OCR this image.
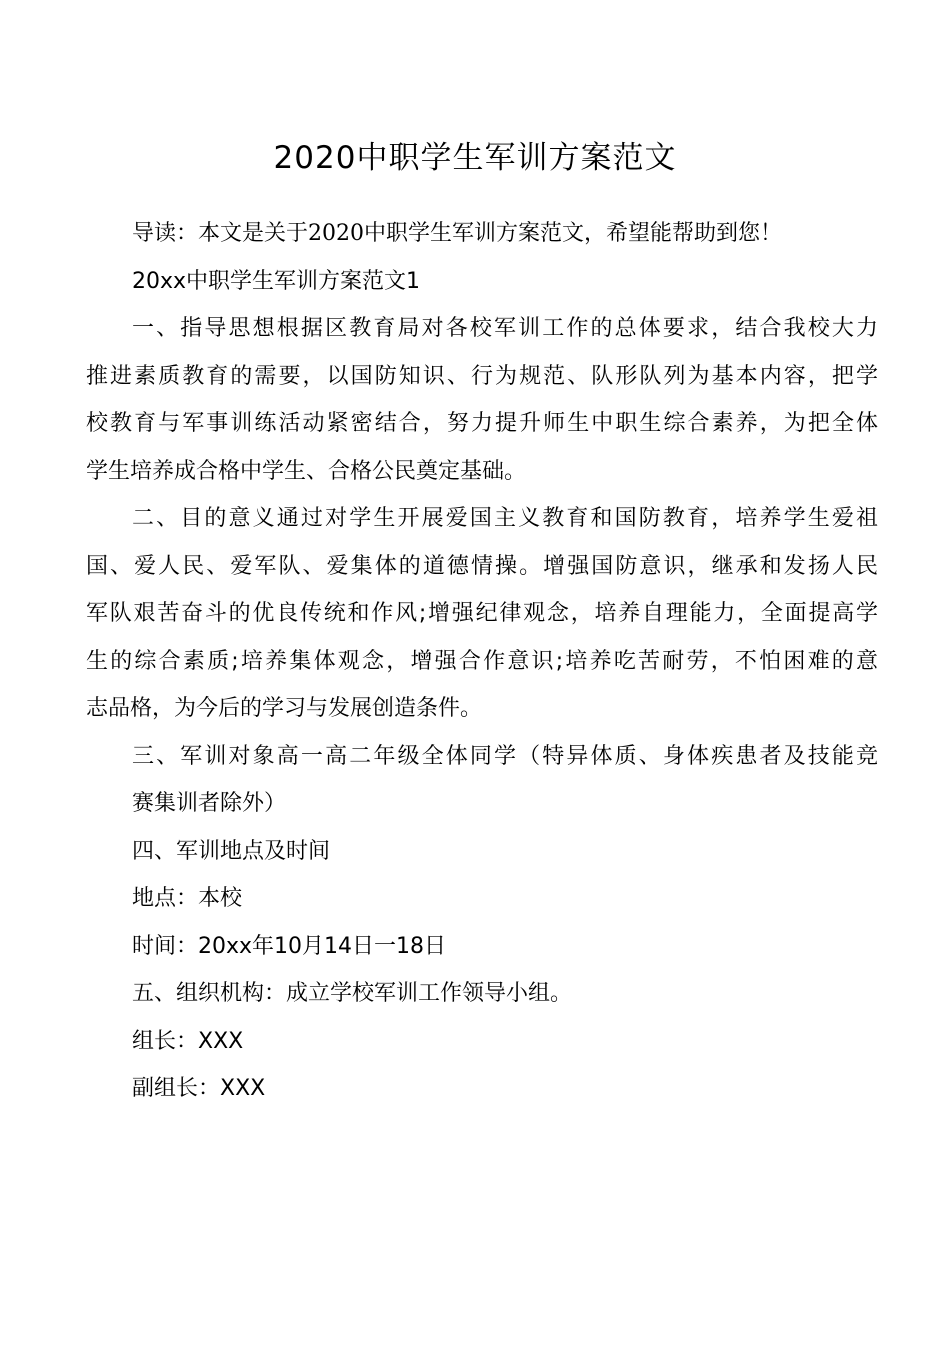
2020中职学生军训方案范文
导读：本文是关于2020中职学生军训方案范文，希望能帮助到您！
20xx中职学生军训方案范文1
一、指导思想根据区教育局对各校军训工作的总体要求，结合我校大力
推进素质教育的需要，以国防知识、行为规范、队形队列为基本内容，把学
校教育与军事训练活动紧密结合，努力提升师生中职生综合素养，为把全体
学生培养成合格中学生、合格公民奠定基础。
二、目的意义通过对学生开展爱国主义教育和国防教育，培养学生爱祖
国、爱人民、爱军队、爱集体的道德情操。增强国防意识，继承和发扬人民
军队艰苦奋斗的优良传统和作风;增强纪律观念，培养自理能力，全面提高学
生的综合素质;培养集体观念，增强合作意识;培养吃苦耐劳，不怕困难的意
志品格，为今后的学习与发展创造条件。
三、军训对象高一高二年级全体同学（特异体质、身体疾患者及技能竞
赛集训者除外）
四、军训地点及时间
地点：本校
时间：20xx年10月14日一18日
五、组织机构：成立学校军训工作领导小组。
组长：XXX
副组长：XXX
